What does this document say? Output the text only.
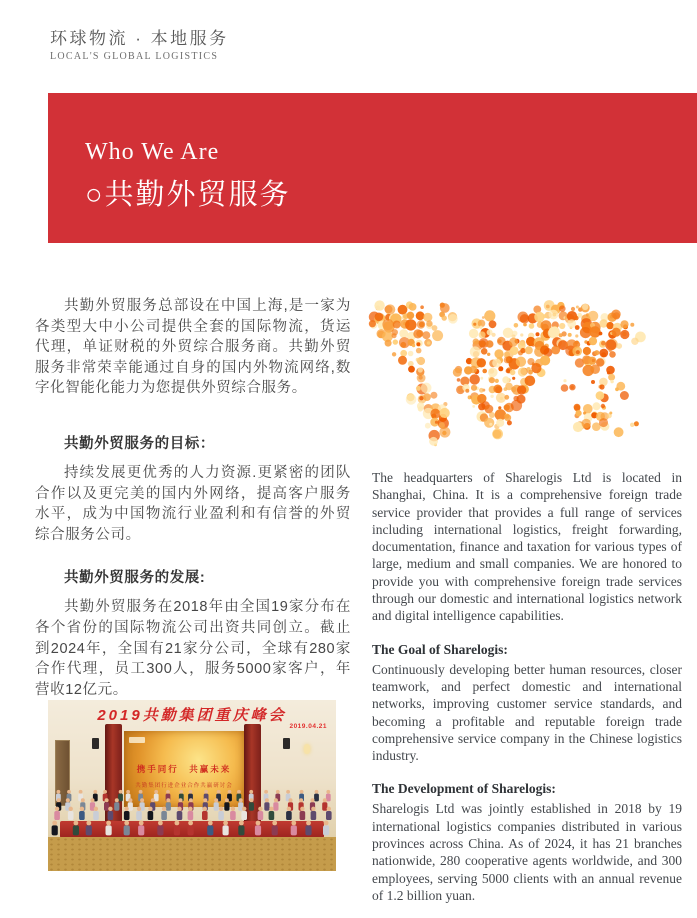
环球物流 · 本地服务
LOCAL'S GLOBAL LOGISTICS
Who We Are
○共勤外贸服务

共勤外贸服务总部设在中国上海,是一家为各类型大中小公司提供全套的国际物流，货运代理，单证财税的外贸综合服务商。共勤外贸服务非常荣幸能通过自身的国内外物流网络,数字化智能化能力为您提供外贸综合服务。

共勤外贸服务的目标：

持续发展更优秀的人力资源.更紧密的团队合作以及更完美的国内外网络，提高客户服务水平，成为中国物流行业盈利和有信誉的外贸综合服务公司。

共勤外贸服务的发展:

共勤外贸服务在2018年由全国19家分布在各个省份的国际物流公司出资共同创立。截止到2024年，全国有21家分公司，全球有280家合作代理，员工300人，服务5000家客户，年营收12亿元。

The headquarters of Sharelogis Ltd is located in Shanghai, China. It is a comprehensive foreign trade service provider that provides a full range of services including international logistics, freight forwarding, documentation, finance and taxation for various types of large, medium and small companies. We are honored to provide you with comprehensive foreign trade services through our domestic and international logistics network and digital intelligence capabilities.

The Goal of Sharelogis:

Continuously developing better human resources, closer teamwork, and perfect domestic and international networks, improving customer service standards, and becoming a profitable and reputable foreign trade comprehensive service company in the Chinese logistics industry.

The Development of Sharelogis:

Sharelogis Ltd was jointly established in 2018 by 19 international logistics companies distributed in various provinces across China. As of 2024, it has 21 branches nationwide, 280 cooperative agents worldwide, and 300 employees, serving 5000 clients with an annual revenue of 1.2 billion yuan.

携手同行　共赢未来
共勤集团行进企业合作共赢研讨会
2019共勤集团重庆峰会
2019.04.21
